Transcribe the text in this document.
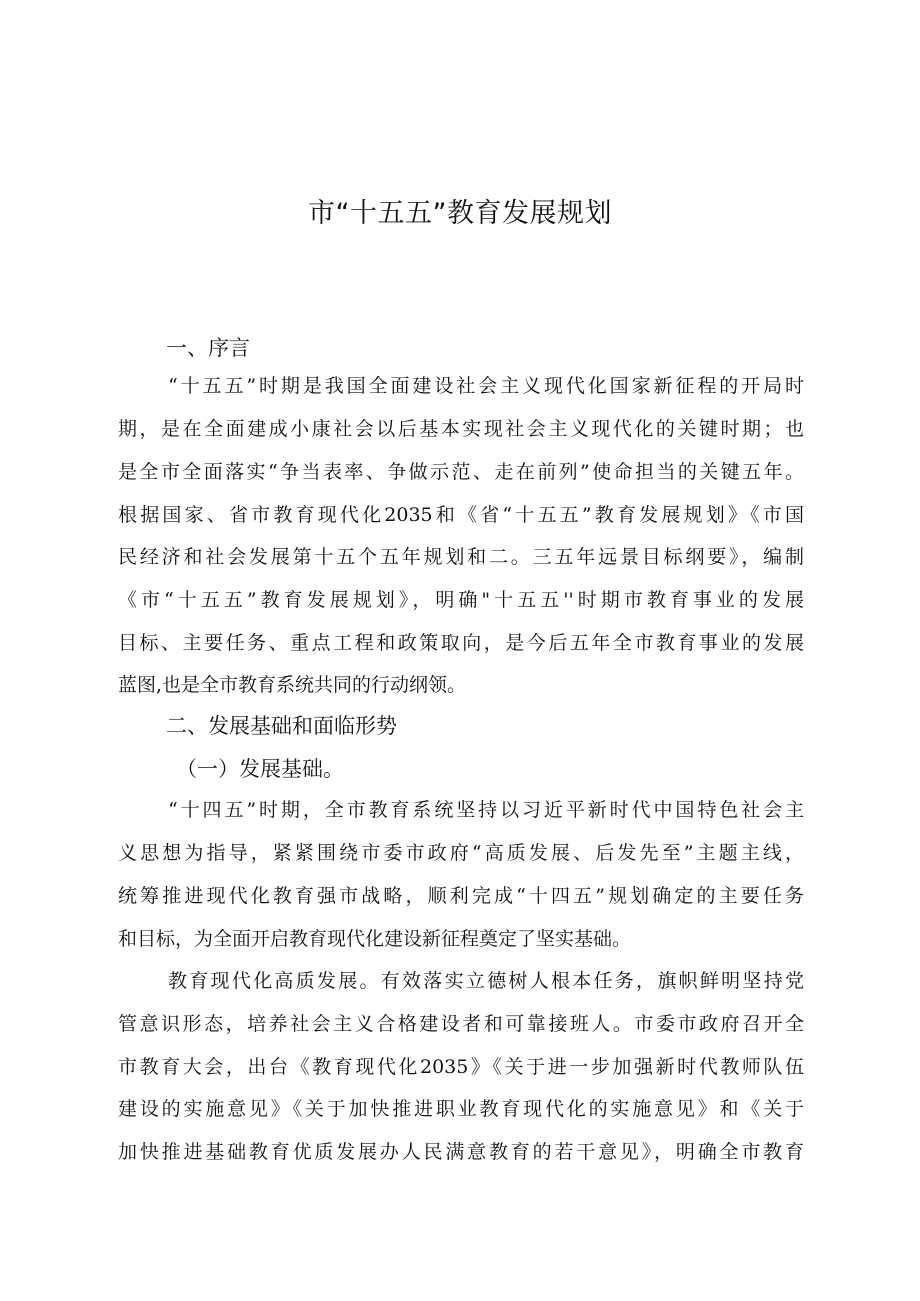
市“十五五”教育发展规划
一、序言
“十五五”时期是我国全面建设社会主义现代化国家新征程的开局时
期，是在全面建成小康社会以后基本实现社会主义现代化的关键时期；也
是全市全面落实“争当表率、争做示范、走在前列”使命担当的关键五年。
根据国家、省市教育现代化2035和《省“十五五”教育发展规划》《市国
民经济和社会发展第十五个五年规划和二。三五年远景目标纲要》，编制
《市“十五五”教育发展规划》，明确"十五五''时期市教育事业的发展
目标、主要任务、重点工程和政策取向，是今后五年全市教育事业的发展
蓝图,也是全市教育系统共同的行动纲领。
二、发展基础和面临形势
（一）发展基础。
“十四五”时期，全市教育系统坚持以习近平新时代中国特色社会主
义思想为指导，紧紧围绕市委市政府“高质发展、后发先至”主题主线，
统筹推进现代化教育强市战略，顺利完成“十四五”规划确定的主要任务
和目标，为全面开启教育现代化建设新征程奠定了坚实基础。
教育现代化高质发展。有效落实立德树人根本任务，旗帜鲜明坚持党
管意识形态，培养社会主义合格建设者和可靠接班人。市委市政府召开全
市教育大会，出台《教育现代化2035》《关于进一步加强新时代教师队伍
建设的实施意见》《关于加快推进职业教育现代化的实施意见》和《关于
加快推进基础教育优质发展办人民满意教育的若干意见》，明确全市教育
